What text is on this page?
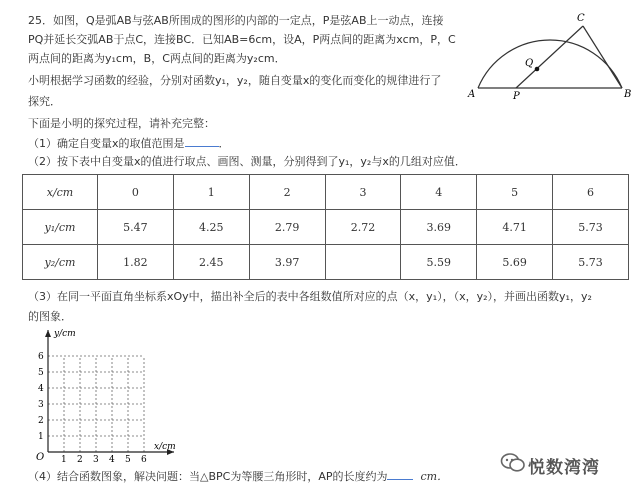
25．如图，Q是弧AB与弦AB所围成的图形的内部的一定点，P是弦AB上一动点，连接
PQ并延长交弧AB于点C，连接BC．已知AB=6cm，设A，P两点间的距离为xcm，P，C
两点间的距离为y₁cm，B，C两点间的距离为y₂cm．
小明根据学习函数的经验，分别对函数y₁，y₂，随自变量x的变化而变化的规律进行了
探究．
下面是小明的探究过程，请补充完整：
（1）确定自变量x的取值范围是	．
（2）按下表中自变量x的值进行取点、画图、测量，分别得到了y₁，y₂与x的几组对应值．
A	P	B
C
Q
x/cm	0	1	2	3	4	5	6
y₁/cm	5.47	4.25	2.79	2.72	3.69	4.71	5.73
y₂/cm	1.82	2.45	3.97		5.59	5.69	5.73
（3）在同一平面直角坐标系xOy中，描出补全后的表中各组数值所对应的点（x，y₁），（x，y₂），并画出函数y₁，y₂
的图象．
y/cm
x/cm
O 1 2 3 4 5 6
1
2
3
4
5
6
（4）结合函数图象，解决问题：当△BPC为等腰三角形时，AP的长度约为	cm．	悦数湾湾
